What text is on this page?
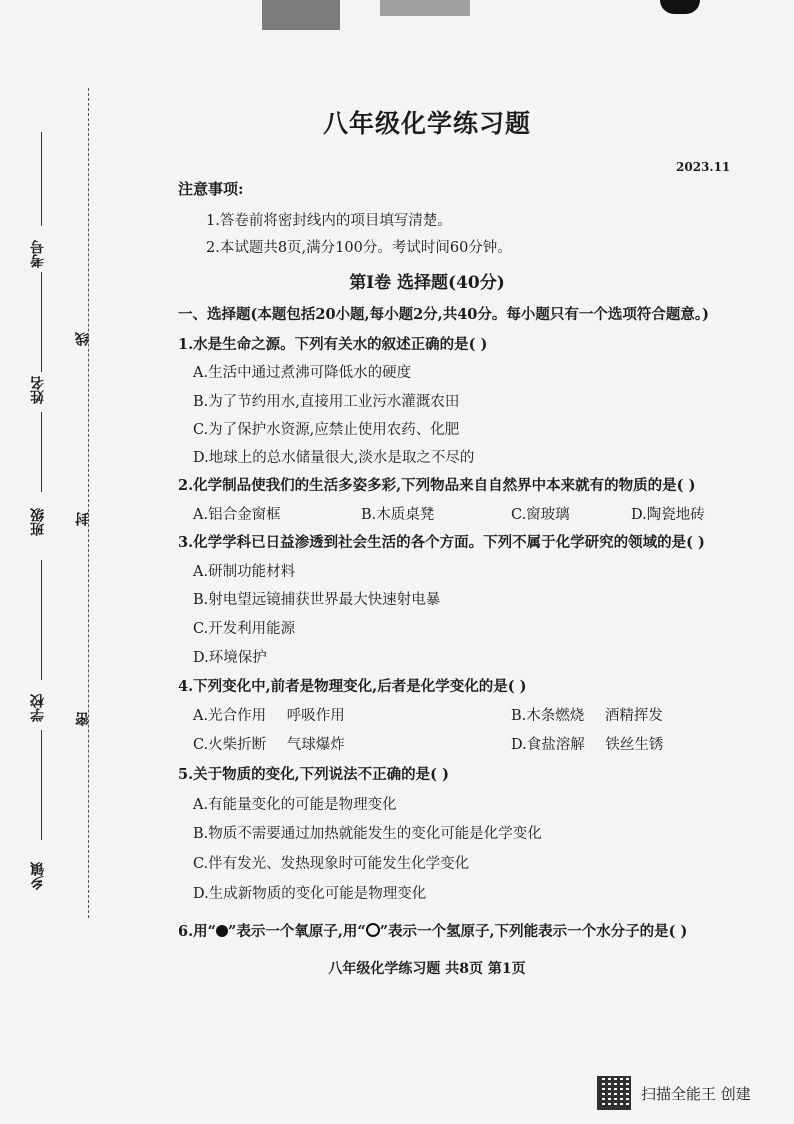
考号
姓名
班级
学校
乡镇
线
封
密
八年级化学练习题
2023.11
注意事项:
1.答卷前将密封线内的项目填写清楚。
2.本试题共8页,满分100分。考试时间60分钟。
第Ⅰ卷 选择题(40分)
一、选择题(本题包括20小题,每小题2分,共40分。每小题只有一个选项符合题意。)
1.水是生命之源。下列有关水的叙述正确的是( )
A.生活中通过煮沸可降低水的硬度
B.为了节约用水,直接用工业污水灌溉农田
C.为了保护水资源,应禁止使用农药、化肥
D.地球上的总水储量很大,淡水是取之不尽的
2.化学制品使我们的生活多姿多彩,下列物品来自自然界中本来就有的物质的是( )
A.铝合金窗框	B.木质桌凳	C.窗玻璃	D.陶瓷地砖
3.化学学科已日益渗透到社会生活的各个方面。下列不属于化学研究的领域的是( )
A.研制功能材料
B.射电望远镜捕获世界最大快速射电暴
C.开发利用能源
D.环境保护
4.下列变化中,前者是物理变化,后者是化学变化的是( )
A.光合作用 呼吸作用	B.木条燃烧 酒精挥发
C.火柴折断 气球爆炸	D.食盐溶解 铁丝生锈
5.关于物质的变化,下列说法不正确的是( )
A.有能量变化的可能是物理变化
B.物质不需要通过加热就能发生的变化可能是化学变化
C.伴有发光、发热现象时可能发生化学变化
D.生成新物质的变化可能是物理变化
6.用“ ”表示一个氧原子,用“ ”表示一个氢原子,下列能表示一个水分子的是( )
八年级化学练习题 共8页 第1页
扫描全能王 创建
